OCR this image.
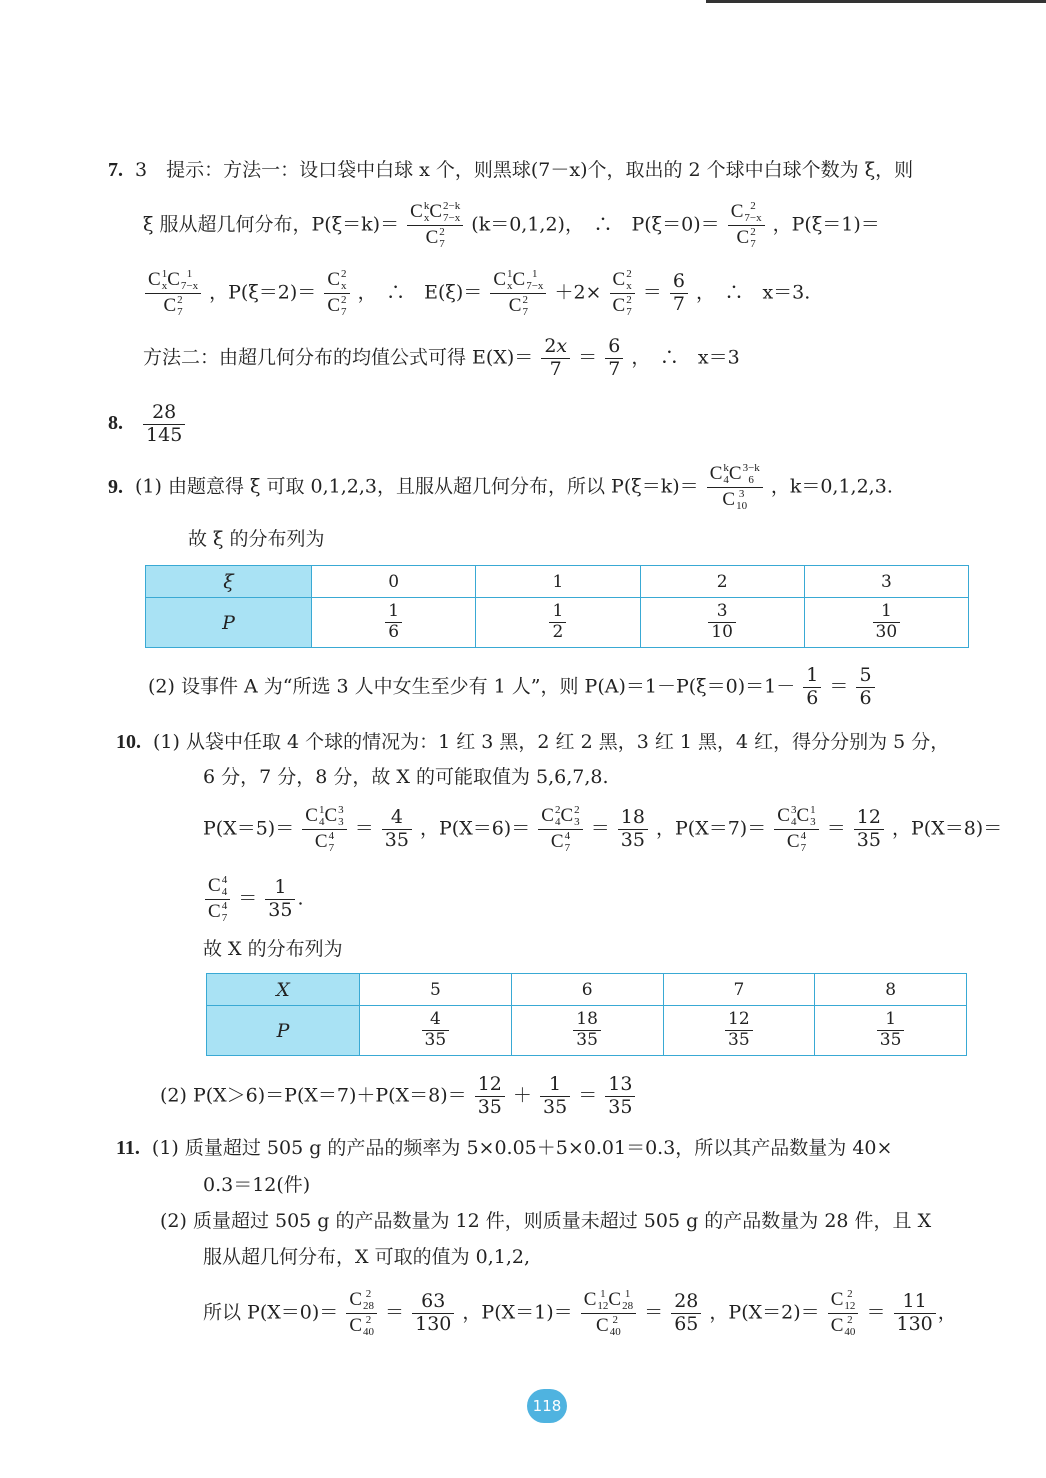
7. 3　提示：方法一：设口袋中白球 x 个，则黑球(7－x)个，取出的 2 个球中白球个数为 ξ，则
ξ 服从超几何分布，P(ξ＝k)＝ C k
x C 2−k
7−x
C 2
7 (k＝0,1,2)，　∴　P(ξ＝0)＝ C 2
7−x
C 2
7 ，P(ξ＝1)＝
C 1
x C 1
7−x
C 2
7 ，P(ξ＝2)＝ C 2
x
C 2
7 ，　∴　E(ξ)＝ C 1
x C 1
7−x
C 2
7 ＋2× C 2
x
C 2
$7 = \frac{6}{7}$ ，　∴　x＝3.
方法二：由超几何分布的均值公式可得 $E(X)= \frac{2x}{7} = \frac{6}{7}$ ，　∴　x＝3
8. $\frac{28}{145}$
9. (1) 由题意得 ξ 可取 0,1,2,3，且服从超几何分布，所以 P(ξ＝k)＝ C k
4 C 3−k
6
C 3
10 ，k＝0,1,2,3.
故 ξ 的分布列为
ξ	0	1	2	3
P	$\frac{1}{6}$	$\frac{1}{2}$	$\frac{3}{10}$	$\frac{1}{30}$
(2) 设事件 A 为“所选 3 人中女生至少有 1 人”，则 $P(A)=1-P(\xi=0)=1- \frac{1}{6} = \frac{5}{6}$
10. (1) 从袋中任取 4 个球的情况为：1 红 3 黑，2 红 2 黑，3 红 1 黑，4 红，得分分别为 5 分，
6 分，7 分，8 分，故 X 的可能取值为 5,6,7,8.
P(X＝5)＝ C 1
4 C 3
3
C 4
$7 = \frac{4}{35}$ ，P(X＝6)＝ C 2
4 C 2
3
C 4
$7 = \frac{18}{35}$ ，P(X＝7)＝ C 3
4 C 1
3
C 4
$7 = \frac{12}{35}$ ，P(X＝8)＝
C 4
4
C 4
$7 = \frac{1}{35}$ .
故 X 的分布列为
X	5	6	7	8
P	$\frac{4}{35}$	$\frac{18}{35}$	$\frac{12}{35}$	$\frac{1}{35}$
(2) $P(X>6)=P(X=7)+P(X=8)= \frac{12}{35} + \frac{1}{35} = \frac{13}{35}$
11. (1) 质量超过 505 g 的产品的频率为 5×0.05＋5×0.01＝0.3，所以其产品数量为 40×
0.3＝12(件)
(2) 质量超过 505 g 的产品数量为 12 件，则质量未超过 505 g 的产品数量为 28 件，且 X
服从超几何分布，X 可取的值为 0,1,2,
所以 P(X＝0)＝ C 2
28
C 2
$40 = \frac{63}{130}$ ，P(X＝1)＝ C 1
12 C 1
28
C 2
$40 = \frac{28}{65}$ ，P(X＝2)＝ C 2
12
C 2
$40 = \frac{11}{130}$ ，
118
